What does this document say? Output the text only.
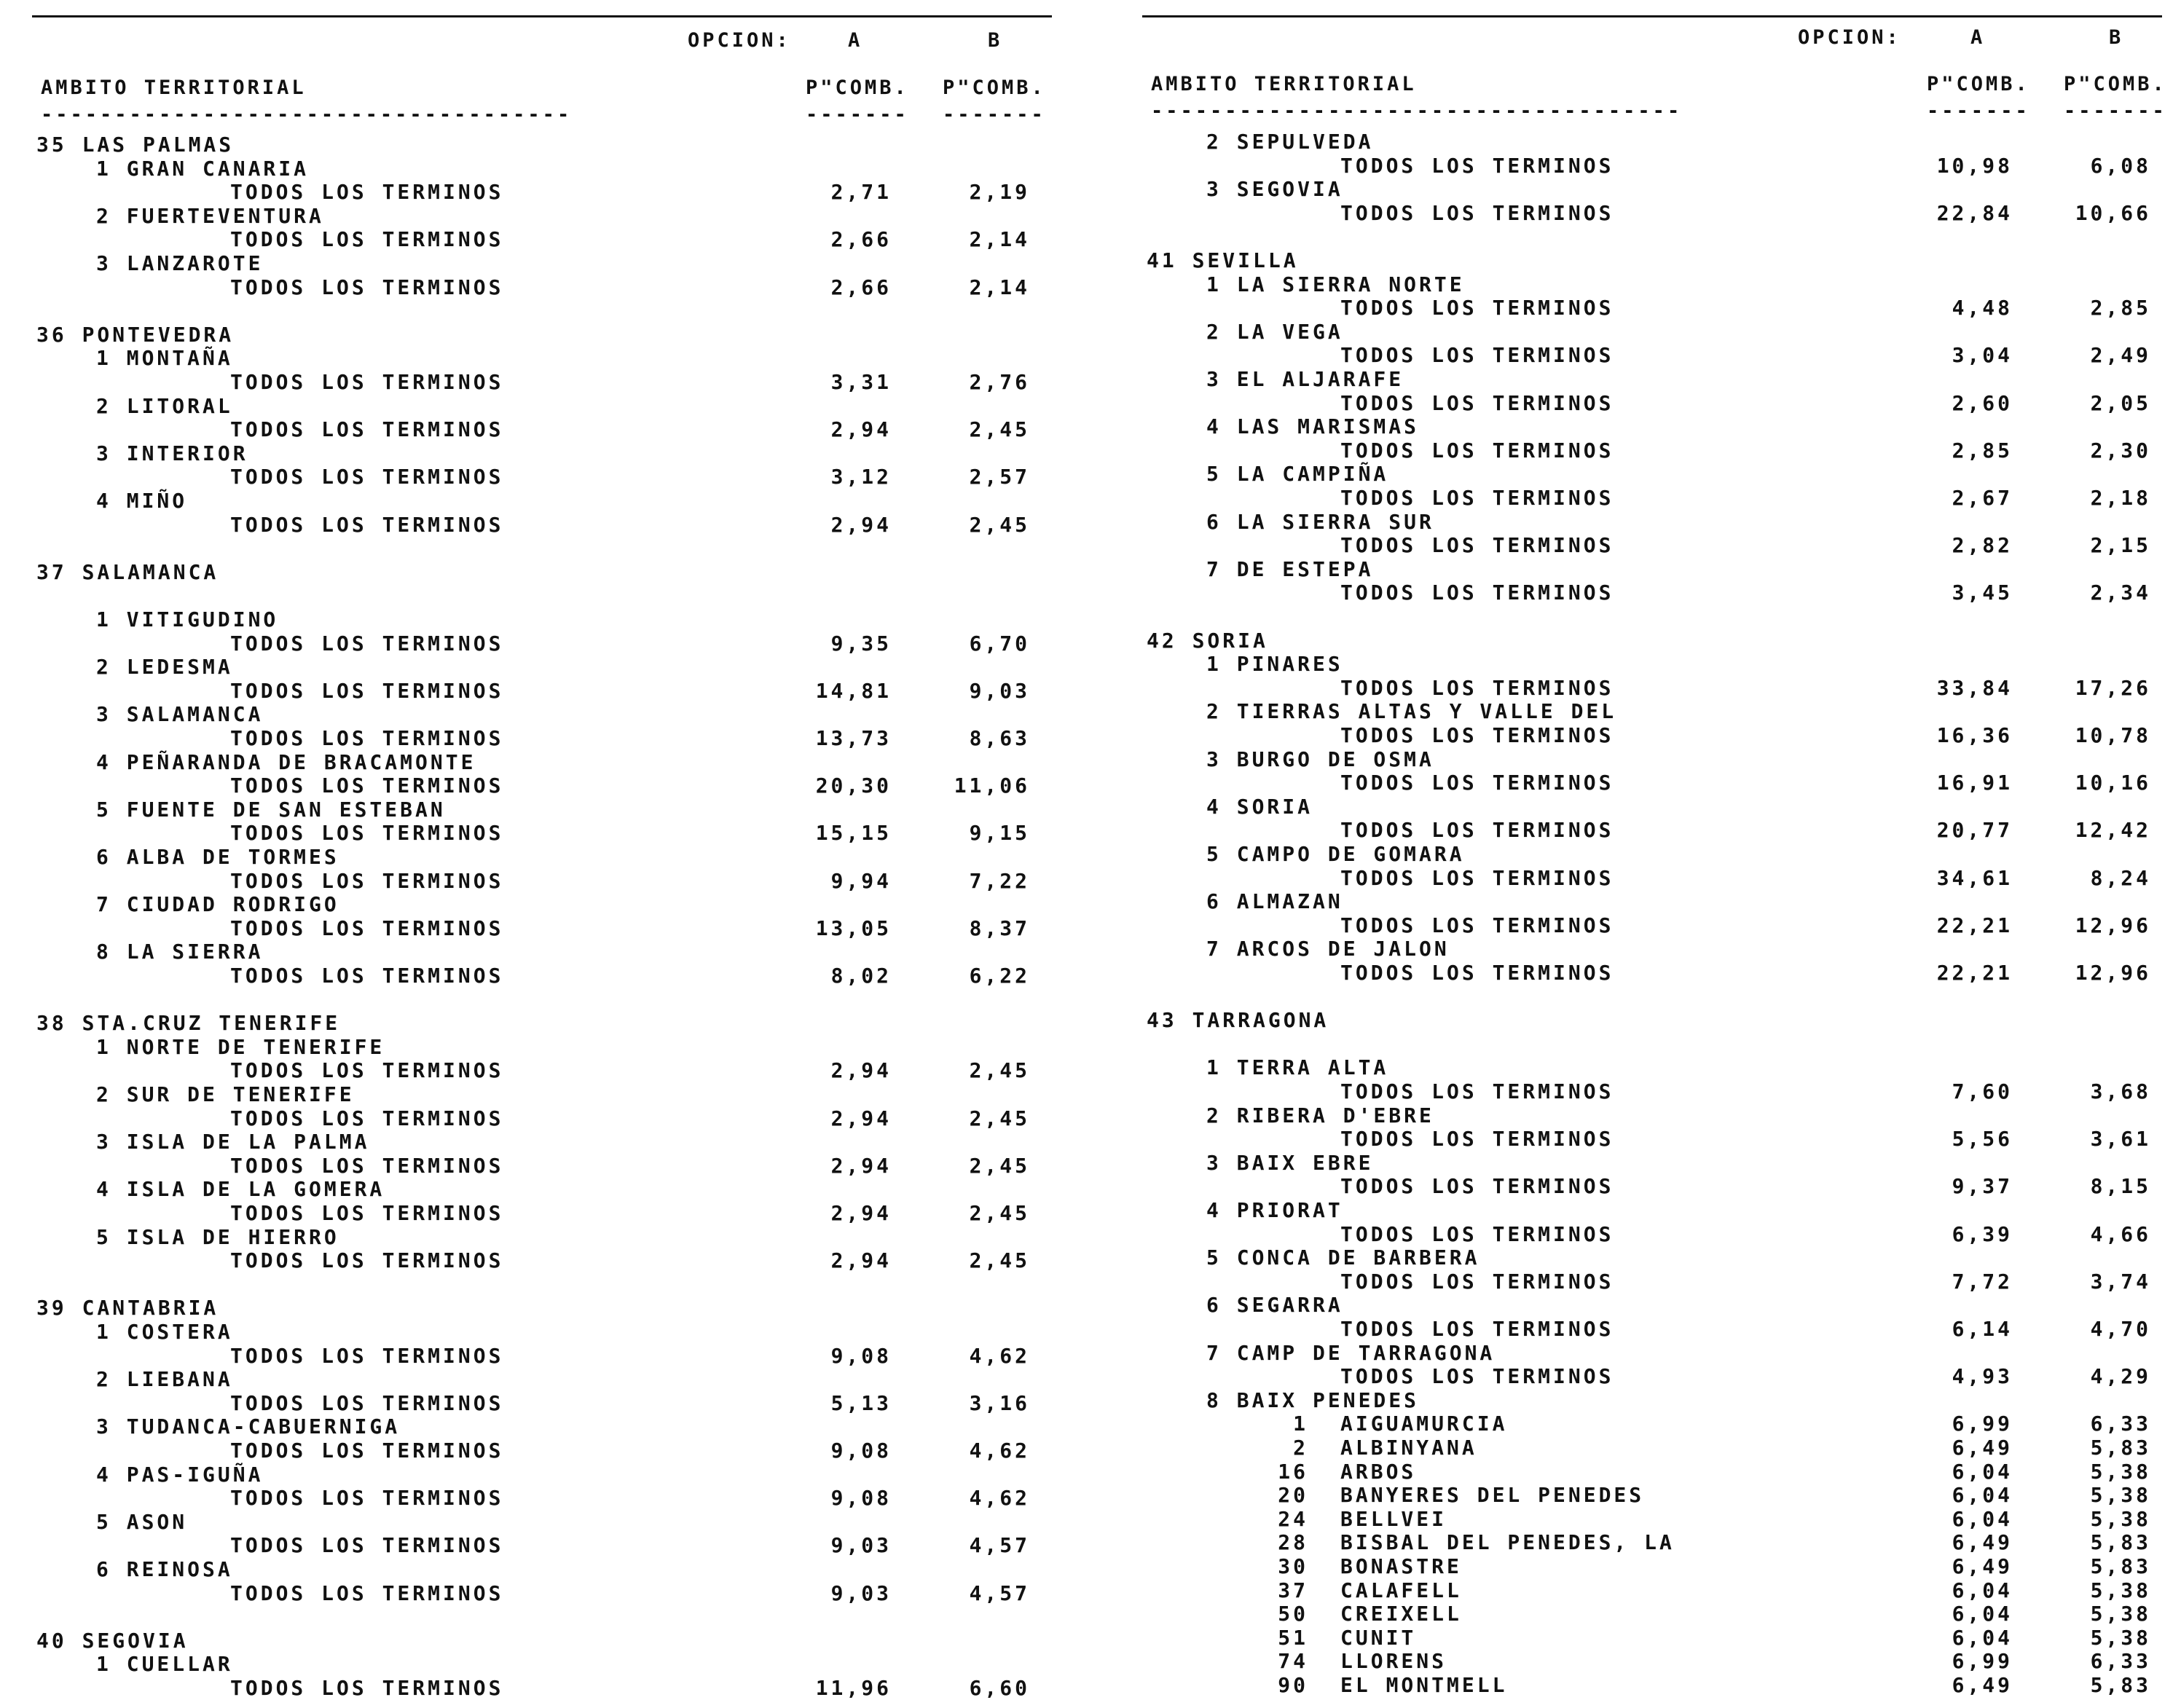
OPCION:	A	B
AMBITO TERRITORIAL	P"COMB. P"COMB.
------------------------------------	------- -------
35 LAS PALMAS
1 GRAN CANARIA
TODOS LOS TERMINOS	2,71	2,19
2 FUERTEVENTURA
TODOS LOS TERMINOS	2,66	2,14
3 LANZAROTE
TODOS LOS TERMINOS	2,66	2,14
36 PONTEVEDRA
1 MONTAÑA
TODOS LOS TERMINOS	3,31	2,76
2 LITORAL
TODOS LOS TERMINOS	2,94	2,45
3 INTERIOR
TODOS LOS TERMINOS	3,12	2,57
4 MIÑO
TODOS LOS TERMINOS	2,94	2,45
37 SALAMANCA
1 VITIGUDINO
TODOS LOS TERMINOS	9,35	6,70
2 LEDESMA
TODOS LOS TERMINOS	14,81	9,03
3 SALAMANCA
TODOS LOS TERMINOS	13,73	8,63
4 PEÑARANDA DE BRACAMONTE
TODOS LOS TERMINOS	20,30	11,06
5 FUENTE DE SAN ESTEBAN
TODOS LOS TERMINOS	15,15	9,15
6 ALBA DE TORMES
TODOS LOS TERMINOS	9,94	7,22
7 CIUDAD RODRIGO
TODOS LOS TERMINOS	13,05	8,37
8 LA SIERRA
TODOS LOS TERMINOS	8,02	6,22
38 STA.CRUZ TENERIFE
1 NORTE DE TENERIFE
TODOS LOS TERMINOS	2,94	2,45
2 SUR DE TENERIFE
TODOS LOS TERMINOS	2,94	2,45
3 ISLA DE LA PALMA
TODOS LOS TERMINOS	2,94	2,45
4 ISLA DE LA GOMERA
TODOS LOS TERMINOS	2,94	2,45
5 ISLA DE HIERRO
TODOS LOS TERMINOS	2,94	2,45
39 CANTABRIA
1 COSTERA
TODOS LOS TERMINOS	9,08	4,62
2 LIEBANA
TODOS LOS TERMINOS	5,13	3,16
3 TUDANCA-CABUERNIGA
TODOS LOS TERMINOS	9,08	4,62
4 PAS-IGUÑA
TODOS LOS TERMINOS	9,08	4,62
5 ASON
TODOS LOS TERMINOS	9,03	4,57
6 REINOSA
TODOS LOS TERMINOS	9,03	4,57
40 SEGOVIA
1 CUELLAR
TODOS LOS TERMINOS	11,96	6,60
OPCION:	A	B
AMBITO TERRITORIAL	P"COMB. P"COMB.
------------------------------------	------- -------
2 SEPULVEDA
TODOS LOS TERMINOS	10,98	6,08
3 SEGOVIA
TODOS LOS TERMINOS	22,84	10,66
41 SEVILLA
1 LA SIERRA NORTE
TODOS LOS TERMINOS	4,48	2,85
2 LA VEGA
TODOS LOS TERMINOS	3,04	2,49
3 EL ALJARAFE
TODOS LOS TERMINOS	2,60	2,05
4 LAS MARISMAS
TODOS LOS TERMINOS	2,85	2,30
5 LA CAMPIÑA
TODOS LOS TERMINOS	2,67	2,18
6 LA SIERRA SUR
TODOS LOS TERMINOS	2,82	2,15
7 DE ESTEPA
TODOS LOS TERMINOS	3,45	2,34
42 SORIA
1 PINARES
TODOS LOS TERMINOS	33,84	17,26
2 TIERRAS ALTAS Y VALLE DEL
TODOS LOS TERMINOS	16,36	10,78
3 BURGO DE OSMA
TODOS LOS TERMINOS	16,91	10,16
4 SORIA
TODOS LOS TERMINOS	20,77	12,42
5 CAMPO DE GOMARA
TODOS LOS TERMINOS	34,61	8,24
6 ALMAZAN
TODOS LOS TERMINOS	22,21	12,96
7 ARCOS DE JALON
TODOS LOS TERMINOS	22,21	12,96
43 TARRAGONA
1 TERRA ALTA
TODOS LOS TERMINOS	7,60	3,68
2 RIBERA D'EBRE
TODOS LOS TERMINOS	5,56	3,61
3 BAIX EBRE
TODOS LOS TERMINOS	9,37	8,15
4 PRIORAT
TODOS LOS TERMINOS	6,39	4,66
5 CONCA DE BARBERA
TODOS LOS TERMINOS	7,72	3,74
6 SEGARRA
TODOS LOS TERMINOS	6,14	4,70
7 CAMP DE TARRAGONA
TODOS LOS TERMINOS	4,93	4,29
8 BAIX PENEDES
1 AIGUAMURCIA	6,99	6,33
2 ALBINYANA	6,49	5,83
16 ARBOS	6,04	5,38
20 BANYERES DEL PENEDES	6,04	5,38
24 BELLVEI	6,04	5,38
28 BISBAL DEL PENEDES, LA	6,49	5,83
30 BONASTRE	6,49	5,83
37 CALAFELL	6,04	5,38
50 CREIXELL	6,04	5,38
51 CUNIT	6,04	5,38
74 LLORENS	6,99	6,33
90 EL MONTMELL	6,49	5,83
